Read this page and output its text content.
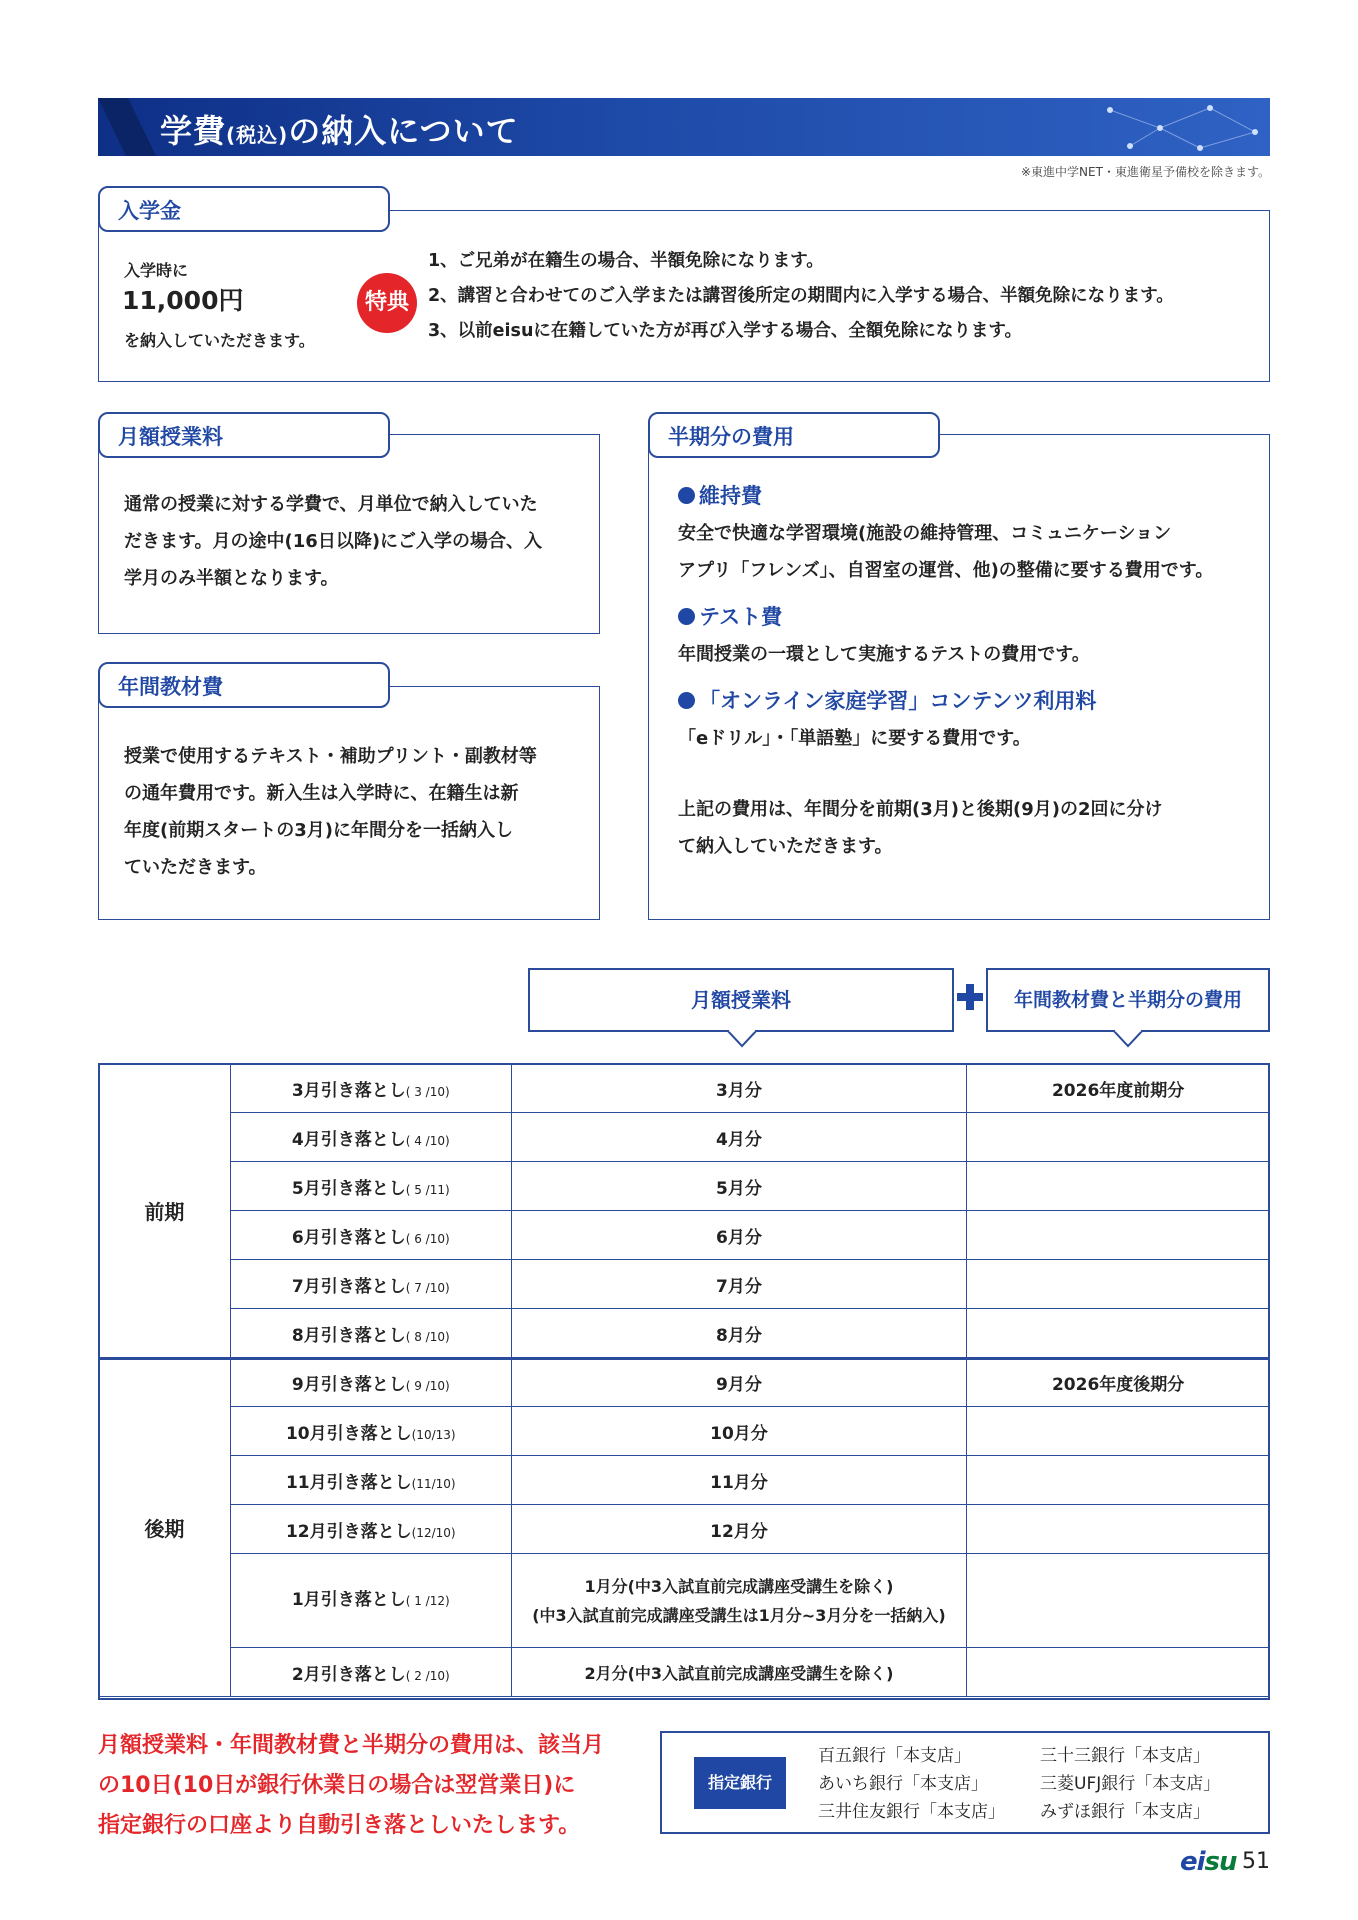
学費(税込)の納入について
※東進中学NET・東進衛星予備校を除きます。
入学金
入学時に
11,000円
を納入していただきます。
特典
1、ご兄弟が在籍生の場合、半額免除になります。
2、講習と合わせてのご入学または講習後所定の期間内に入学する場合、半額免除になります。
3、以前eisuに在籍していた方が再び入学する場合、全額免除になります。
月額授業料
通常の授業に対する学費で、月単位で納入していた
だきます。月の途中(16日以降)にご入学の場合、入
学月のみ半額となります。
年間教材費
授業で使用するテキスト・補助プリント・副教材等
の通年費用です。新入生は入学時に、在籍生は新
年度(前期スタートの3月)に年間分を一括納入し
ていただきます。
半期分の費用
維持費
安全で快適な学習環境(施設の維持管理、コミュニケーション
アプリ「フレンズ」、自習室の運営、他)の整備に要する費用です。
テスト費
年間授業の一環として実施するテストの費用です。
「オンライン家庭学習」コンテンツ利用料
「eドリル」・「単語塾」に要する費用です。
上記の費用は、年間分を前期(3月)と後期(9月)の2回に分け
て納入していただきます。
月額授業料	年間教材費と半期分の費用
前期	3月引き落とし( 3 /10)	3月分	2026年度前期分
	4月引き落とし( 4 /10)	4月分	
	5月引き落とし( 5 /11)	5月分	
	6月引き落とし( 6 /10)	6月分	
	7月引き落とし( 7 /10)	7月分	
	8月引き落とし( 8 /10)	8月分	
後期	9月引き落とし( 9 /10)	9月分	2026年度後期分
	10月引き落とし(10/13)	10月分	
	11月引き落とし(11/10)	11月分	
	12月引き落とし(12/10)	12月分	
	1月引き落とし( 1 /12)	1月分(中3入試直前完成講座受講生を除く)
(中3入試直前完成講座受講生は1月分~3月分を一括納入)	

	2月引き落とし( 2 /10)	2月分(中3入試直前完成講座受講生を除く)	
月額授業料・年間教材費と半期分の費用は、該当月
の10日(10日が銀行休業日の場合は翌営業日)に
指定銀行の口座より自動引き落としいたします。
指定銀行
百五銀行「本支店」
あいち銀行「本支店」
三井住友銀行「本支店」
三十三銀行「本支店」
三菱UFJ銀行「本支店」
みずほ銀行「本支店」
eisu 51
